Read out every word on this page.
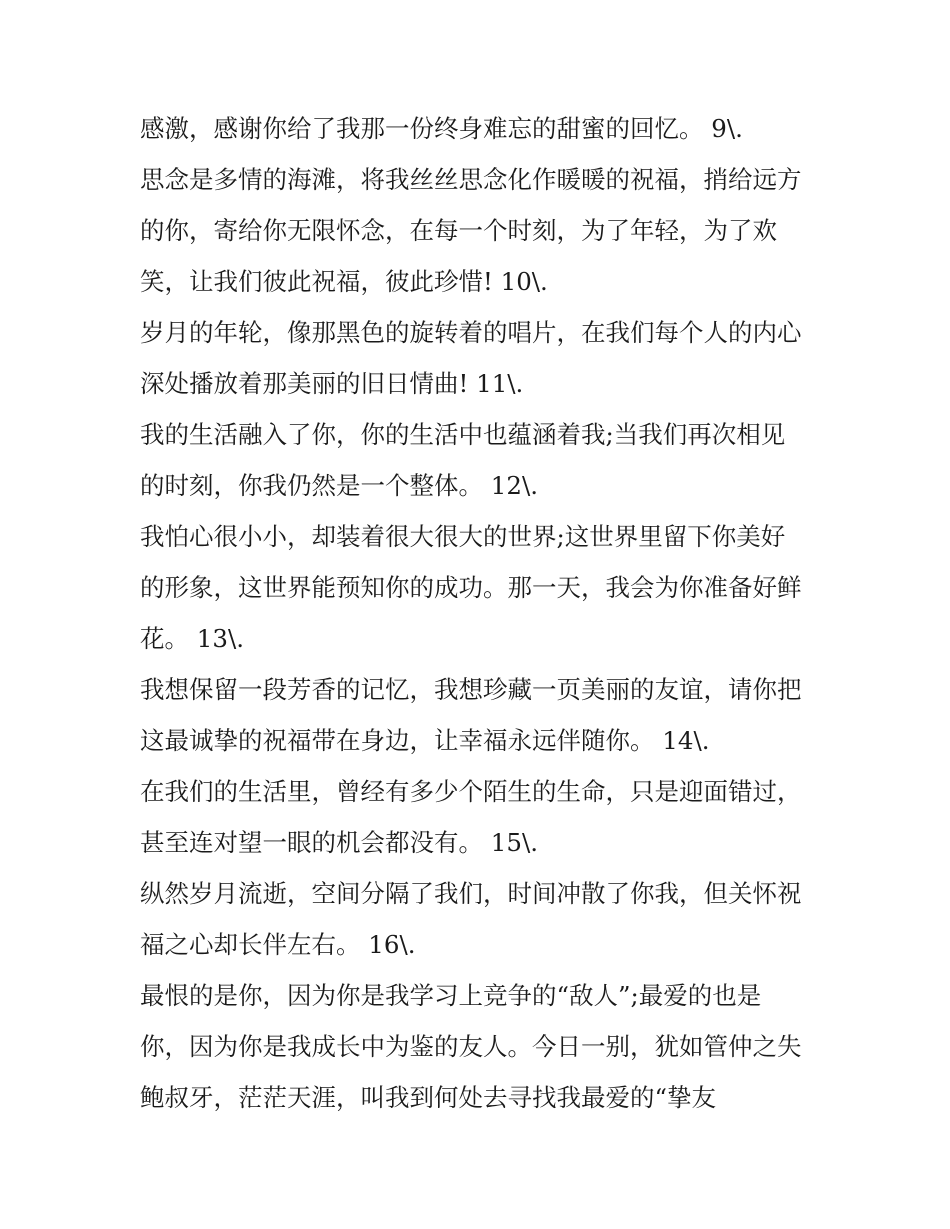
感激，感谢你给了我那一份终身难忘的甜蜜的回忆。 9\.
思念是多情的海滩，将我丝丝思念化作暖暖的祝福，捎给远方
的你，寄给你无限怀念，在每一个时刻，为了年轻，为了欢
笑，让我们彼此祝福，彼此珍惜! 10\.
岁月的年轮，像那黑色的旋转着的唱片，在我们每个人的内心
深处播放着那美丽的旧日情曲! 11\.
我的生活融入了你，你的生活中也蕴涵着我;当我们再次相见
的时刻，你我仍然是一个整体。 12\.
我怕心很小小，却装着很大很大的世界;这世界里留下你美好
的形象，这世界能预知你的成功。那一天，我会为你准备好鲜
花。 13\.
我想保留一段芳香的记忆，我想珍藏一页美丽的友谊，请你把
这最诚挚的祝福带在身边，让幸福永远伴随你。 14\.
在我们的生活里，曾经有多少个陌生的生命，只是迎面错过，
甚至连对望一眼的机会都没有。 15\.
纵然岁月流逝，空间分隔了我们，时间冲散了你我，但关怀祝
福之心却长伴左右。 16\.
最恨的是你，因为你是我学习上竞争的“敌人”;最爱的也是
你，因为你是我成长中为鉴的友人。今日一别，犹如管仲之失
鲍叔牙，茫茫天涯，叫我到何处去寻找我最爱的“挚友
